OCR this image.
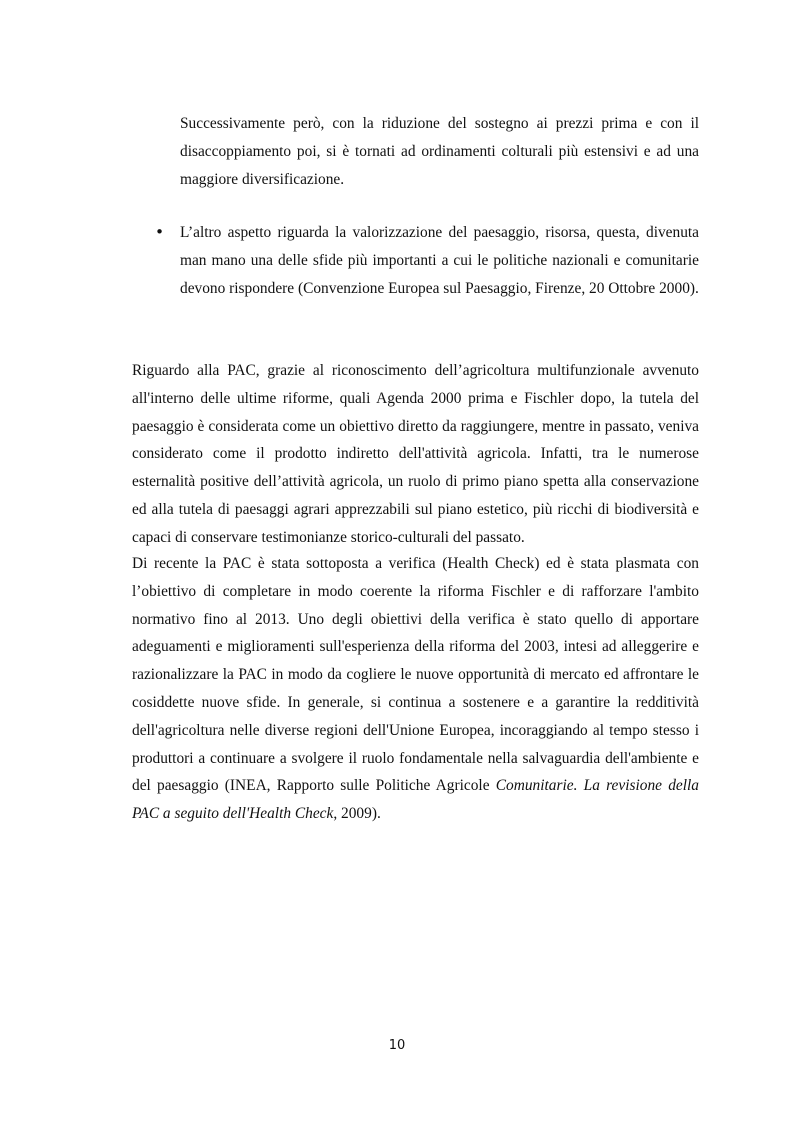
Successivamente però, con la riduzione del sostegno ai prezzi prima e con il disaccoppiamento poi, si è tornati ad ordinamenti colturali più estensivi e ad una maggiore diversificazione.

• L’altro aspetto riguarda la valorizzazione del paesaggio, risorsa, questa, divenuta man mano una delle sfide più importanti a cui le politiche nazionali e comunitarie devono rispondere (Convenzione Europea sul Paesaggio, Firenze, 20 Ottobre 2000).

Riguardo alla PAC, grazie al riconoscimento dell’agricoltura multifunzionale avvenuto all'interno delle ultime riforme, quali Agenda 2000 prima e Fischler dopo, la tutela del paesaggio è considerata come un obiettivo diretto da raggiungere, mentre in passato, veniva considerato come il prodotto indiretto dell'attività agricola. Infatti, tra le numerose esternalità positive dell’attività agricola, un ruolo di primo piano spetta alla conservazione ed alla tutela di paesaggi agrari apprezzabili sul piano estetico, più ricchi di biodiversità e capaci di conservare testimonianze storico-culturali del passato.

Di recente la PAC è stata sottoposta a verifica (Health Check) ed è stata plasmata con l’obiettivo di completare in modo coerente la riforma Fischler e di rafforzare l'ambito normativo fino al 2013. Uno degli obiettivi della verifica è stato quello di apportare adeguamenti e miglioramenti sull'esperienza della riforma del 2003, intesi ad alleggerire e razionalizzare la PAC in modo da cogliere le nuove opportunità di mercato ed affrontare le cosiddette nuove sfide. In generale, si continua a sostenere e a garantire la redditività dell'agricoltura nelle diverse regioni dell'Unione Europea, incoraggiando al tempo stesso i produttori a continuare a svolgere il ruolo fondamentale nella salvaguardia dell'ambiente e del paesaggio (INEA, Rapporto sulle Politiche Agricole Comunitarie. La revisione della PAC a seguito dell'Health Check, 2009).

10
